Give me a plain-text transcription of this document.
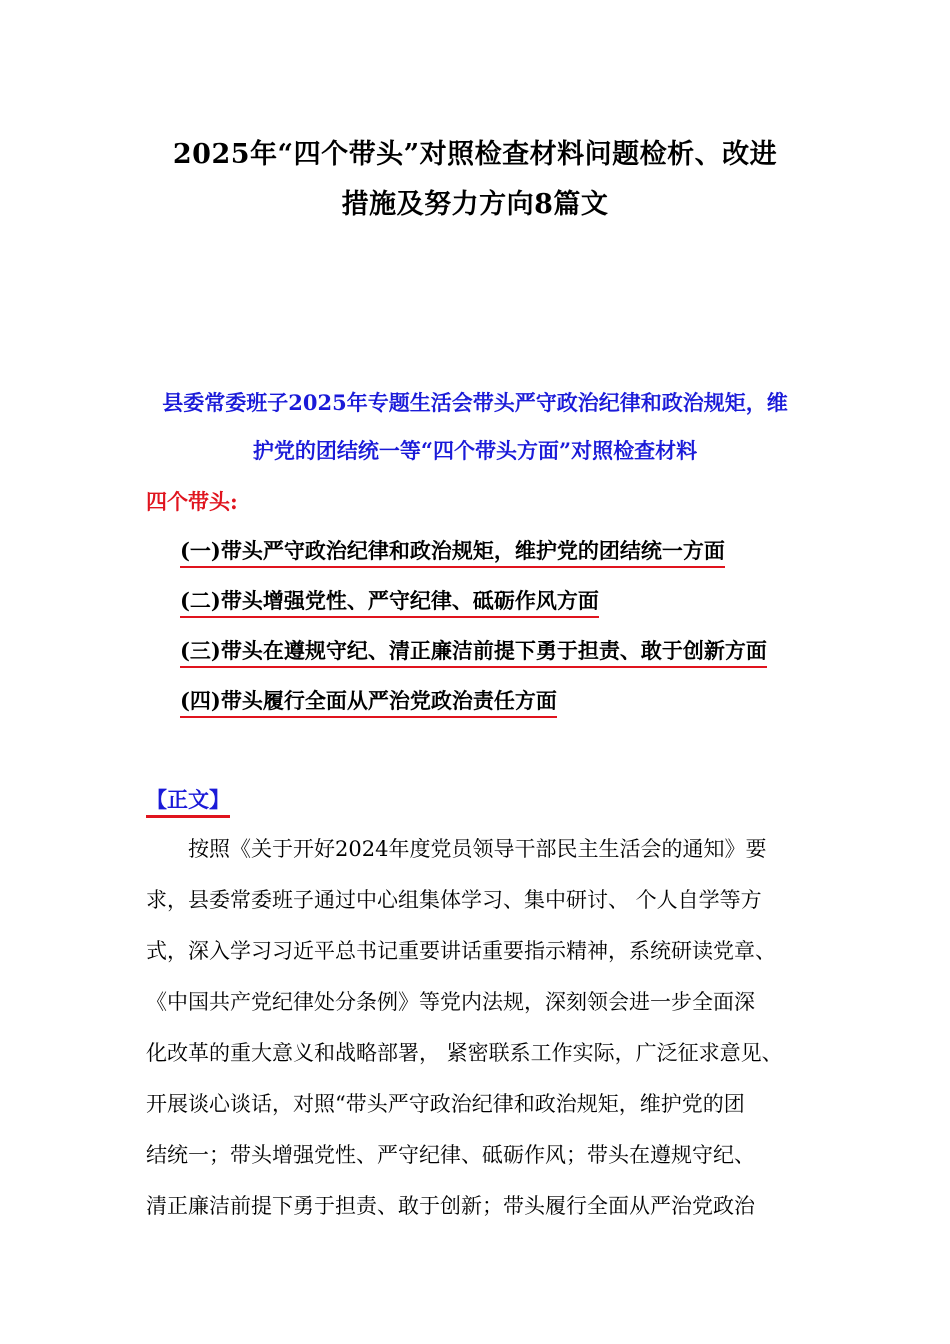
2025年“四个带头”对照检查材料问题检析、改进
措施及努力方向8篇文
县委常委班子2025年专题生活会带头严守政治纪律和政治规矩，维
护党的团结统一等“四个带头方面”对照检查材料
四个带头:
(一)带头严守政治纪律和政治规矩，维护党的团结统一方面
(二)带头增强党性、严守纪律、砥砺作风方面
(三)带头在遵规守纪、清正廉洁前提下勇于担责、敢于创新方面
(四)带头履行全面从严治党政治责任方面
【正文】
按照《关于开好2024年度党员领导干部民主生活会的通知》要
求，县委常委班子通过中心组集体学习、集中研讨、 个人自学等方
式，深入学习习近平总书记重要讲话重要指示精神，系统研读党章、
《中国共产党纪律处分条例》等党内法规，深刻领会进一步全面深
化改革的重大意义和战略部署， 紧密联系工作实际，广泛征求意见、
开展谈心谈话，对照“带头严守政治纪律和政治规矩，维护党的团
结统一；带头增强党性、严守纪律、砥砺作风；带头在遵规守纪、
清正廉洁前提下勇于担责、敢于创新；带头履行全面从严治党政治
